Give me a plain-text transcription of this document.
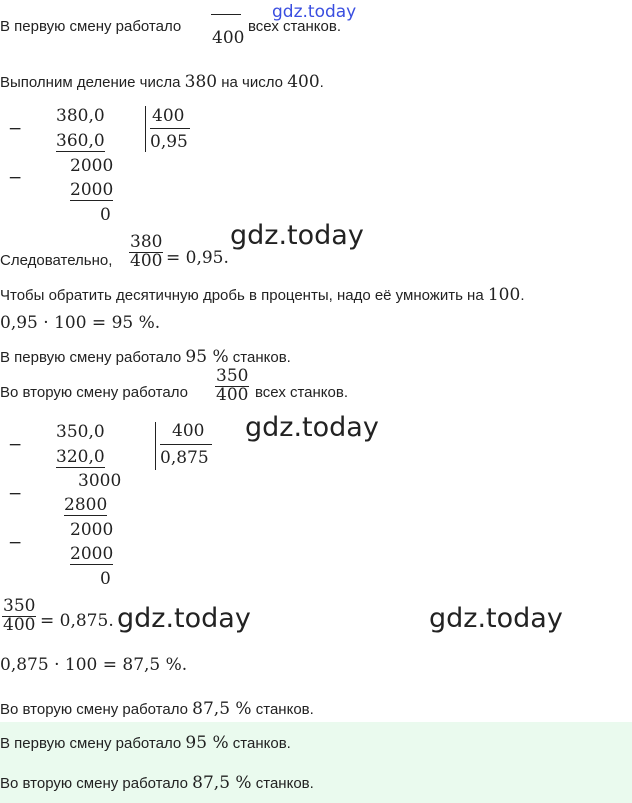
gdz.today
В первую смену работало
400
всех станков.
Выполним деление числа 380 на число 400.
−
380,0
360,0
400
0,95
−
2000
2000
0
Следовательно, $\frac{380}{400} = 0,95$.
gdz.today
Чтобы обратить десятичную дробь в проценты, надо её умножить на 100.
0,95 · 100 = 95 %.
В первую смену работало 95 % станков.
Во вторую смену работало $\frac{350}{400}$ всех станков.
−
350,0
320,0
400
0,875
−
3000
2800
−
2000
2000
0
gdz.today
$\frac{350}{400} = 0,875$. gdz.today	gdz.today
0,875 · 100 = 87,5 %.
Во вторую смену работало 87,5 % станков.
В первую смену работало 95 % станков.
Во вторую смену работало 87,5 % станков.
